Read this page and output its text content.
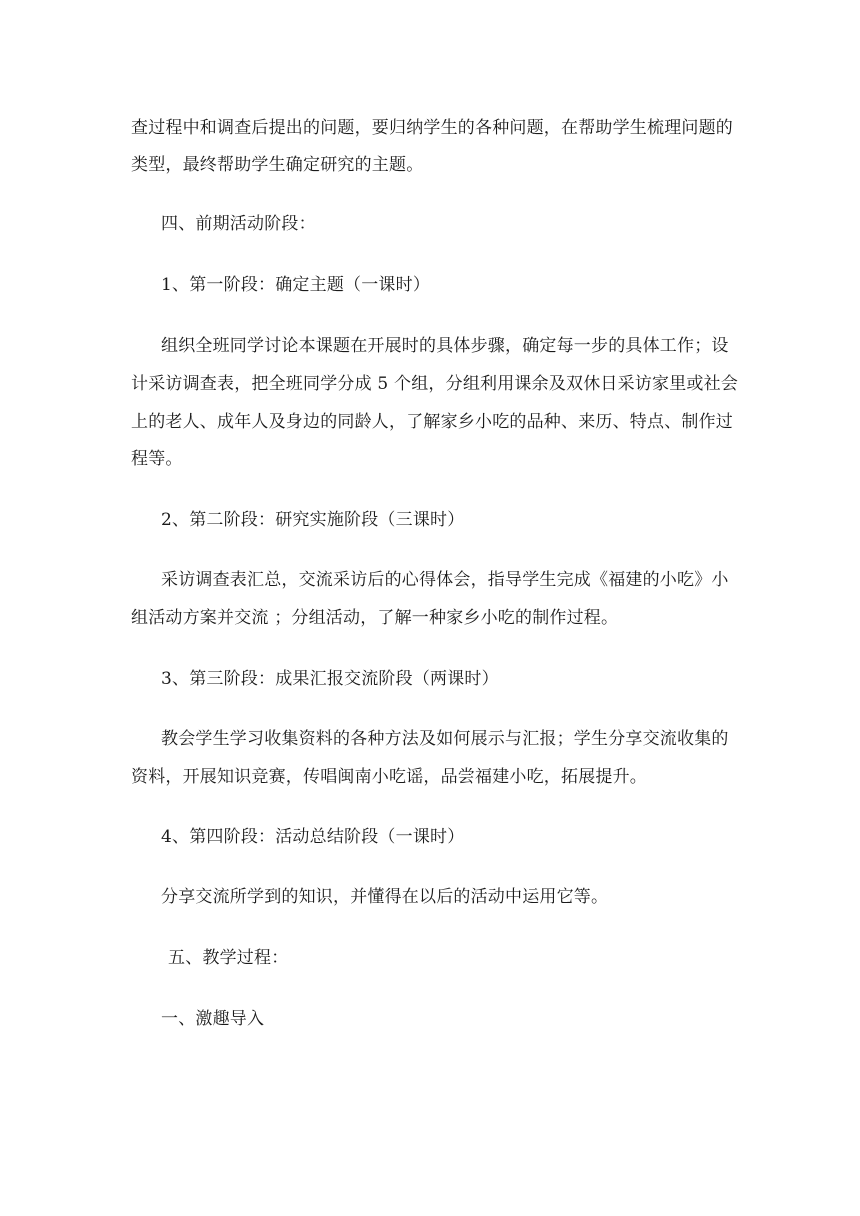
查过程中和调查后提出的问题，要归纳学生的各种问题，在帮助学生梳理问题的
类型，最终帮助学生确定研究的主题。
四、前期活动阶段：
1、第一阶段：确定主题（一课时）
组织全班同学讨论本课题在开展时的具体步骤，确定每一步的具体工作；设
计采访调查表，把全班同学分成 5 个组，分组利用课余及双休日采访家里或社会
上的老人、成年人及身边的同龄人，了解家乡小吃的品种、来历、特点、制作过
程等。
2、第二阶段：研究实施阶段（三课时）
采访调查表汇总，交流采访后的心得体会，指导学生完成《福建的小吃》小
组活动方案并交流 ；分组活动，了解一种家乡小吃的制作过程。
3、第三阶段：成果汇报交流阶段（两课时）
教会学生学习收集资料的各种方法及如何展示与汇报；学生分享交流收集的
资料，开展知识竞赛，传唱闽南小吃谣，品尝福建小吃，拓展提升。
4、第四阶段：活动总结阶段（一课时）
分享交流所学到的知识，并懂得在以后的活动中运用它等。
五、教学过程：
一、激趣导入
